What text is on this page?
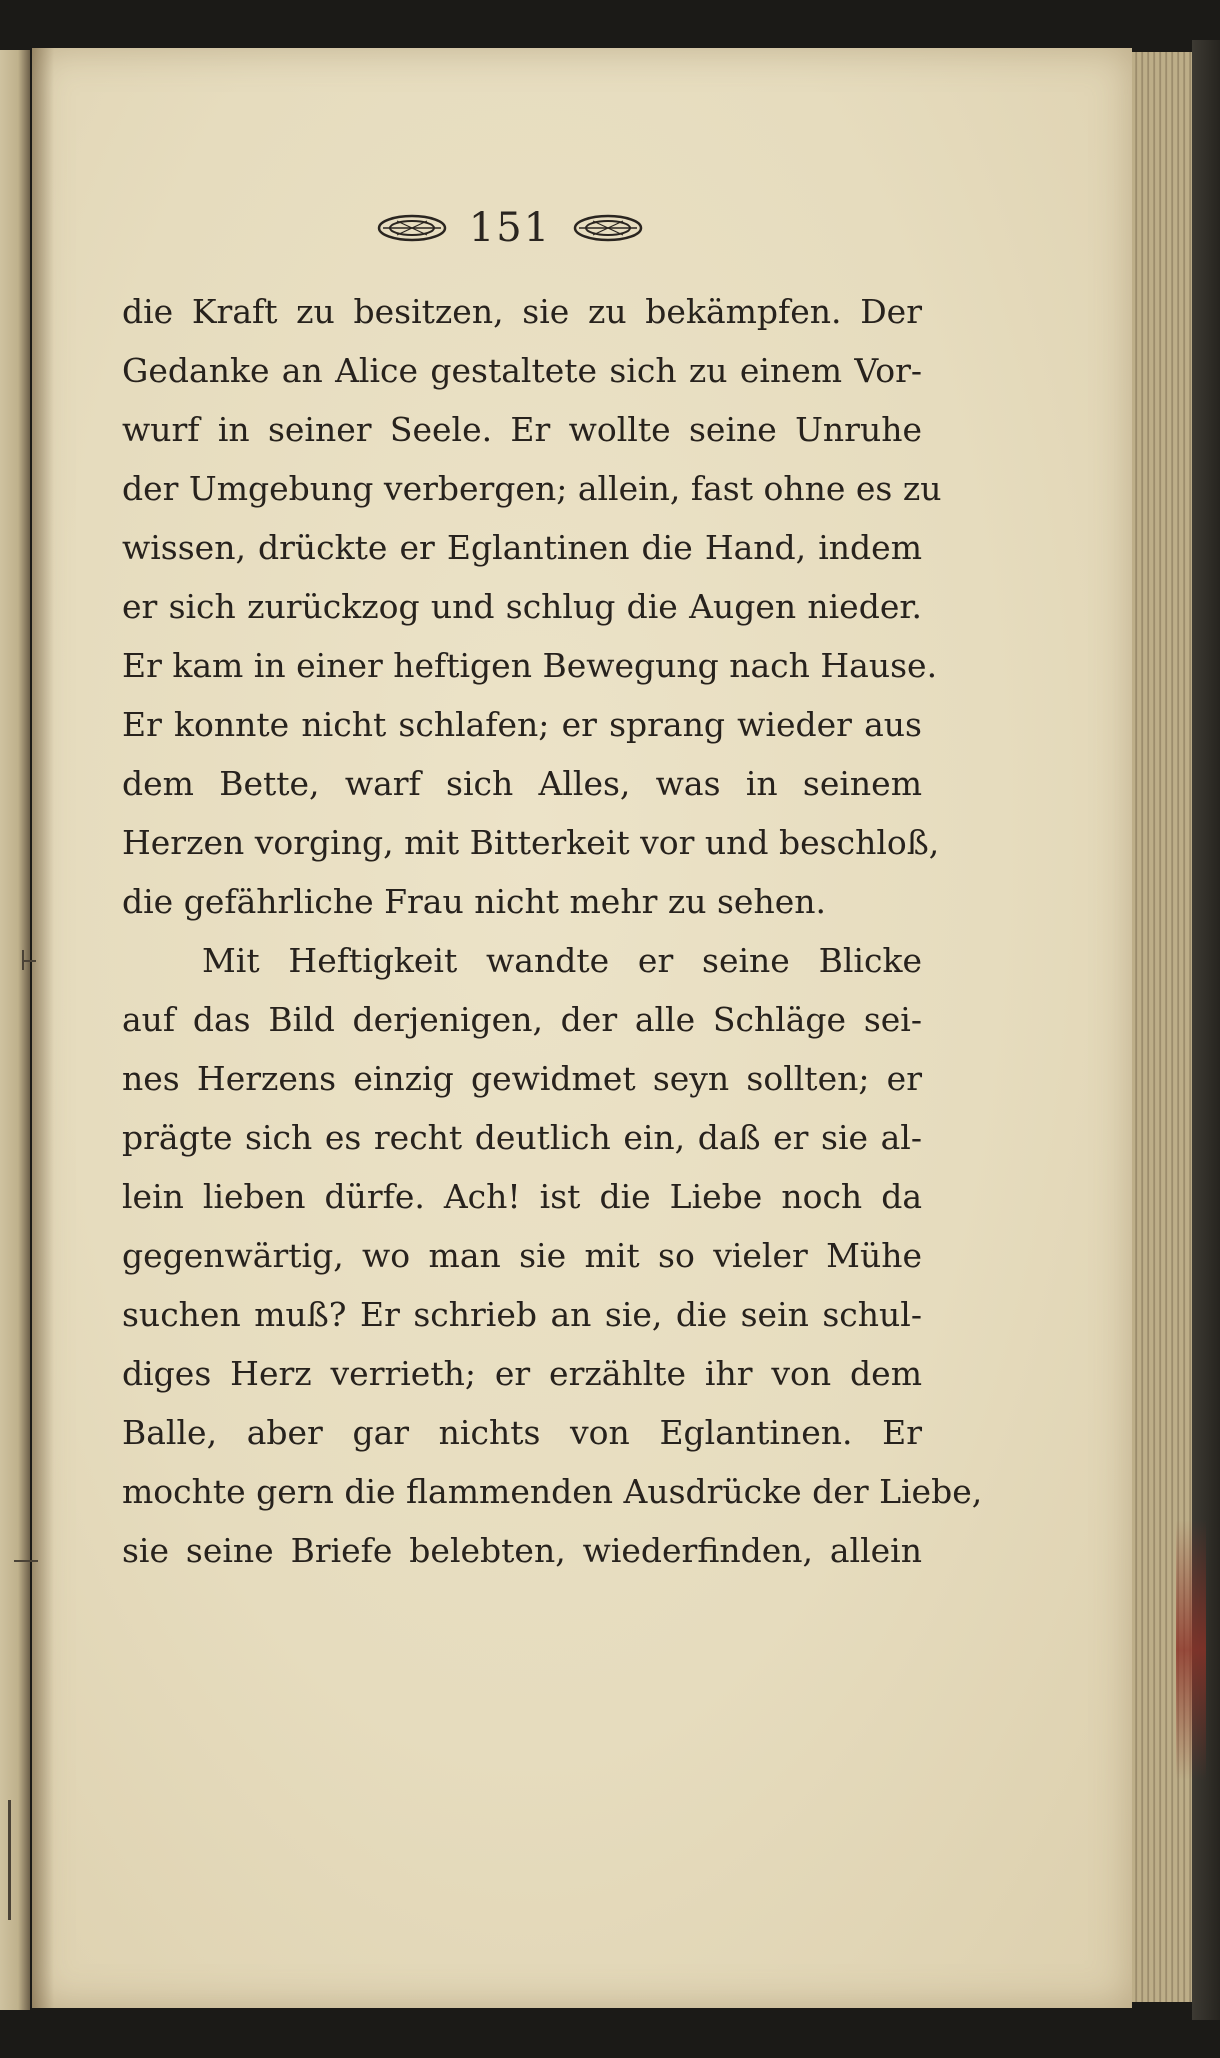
151
die Kraft zu besitzen, sie zu bekämpfen. Der
Gedanke an Alice gestaltete sich zu einem Vor-
wurf in seiner Seele. Er wollte seine Unruhe
der Umgebung verbergen; allein, fast ohne es zu
wissen, drückte er Eglantinen die Hand, indem
er sich zurückzog und schlug die Augen nieder.
Er kam in einer heftigen Bewegung nach Hause.
Er konnte nicht schlafen; er sprang wieder aus
dem Bette, warf sich Alles, was in seinem
Herzen vorging, mit Bitterkeit vor und beschloß,
die gefährliche Frau nicht mehr zu sehen.
Mit Heftigkeit wandte er seine Blicke
auf das Bild derjenigen, der alle Schläge sei-
nes Herzens einzig gewidmet seyn sollten; er
prägte sich es recht deutlich ein, daß er sie al-
lein lieben dürfe. Ach! ist die Liebe noch da
gegenwärtig, wo man sie mit so vieler Mühe
suchen muß? Er schrieb an sie, die sein schul-
diges Herz verrieth; er erzählte ihr von dem
Balle, aber gar nichts von Eglantinen. Er
mochte gern die flammenden Ausdrücke der Liebe,
sie seine Briefe belebten, wiederfinden, allein
